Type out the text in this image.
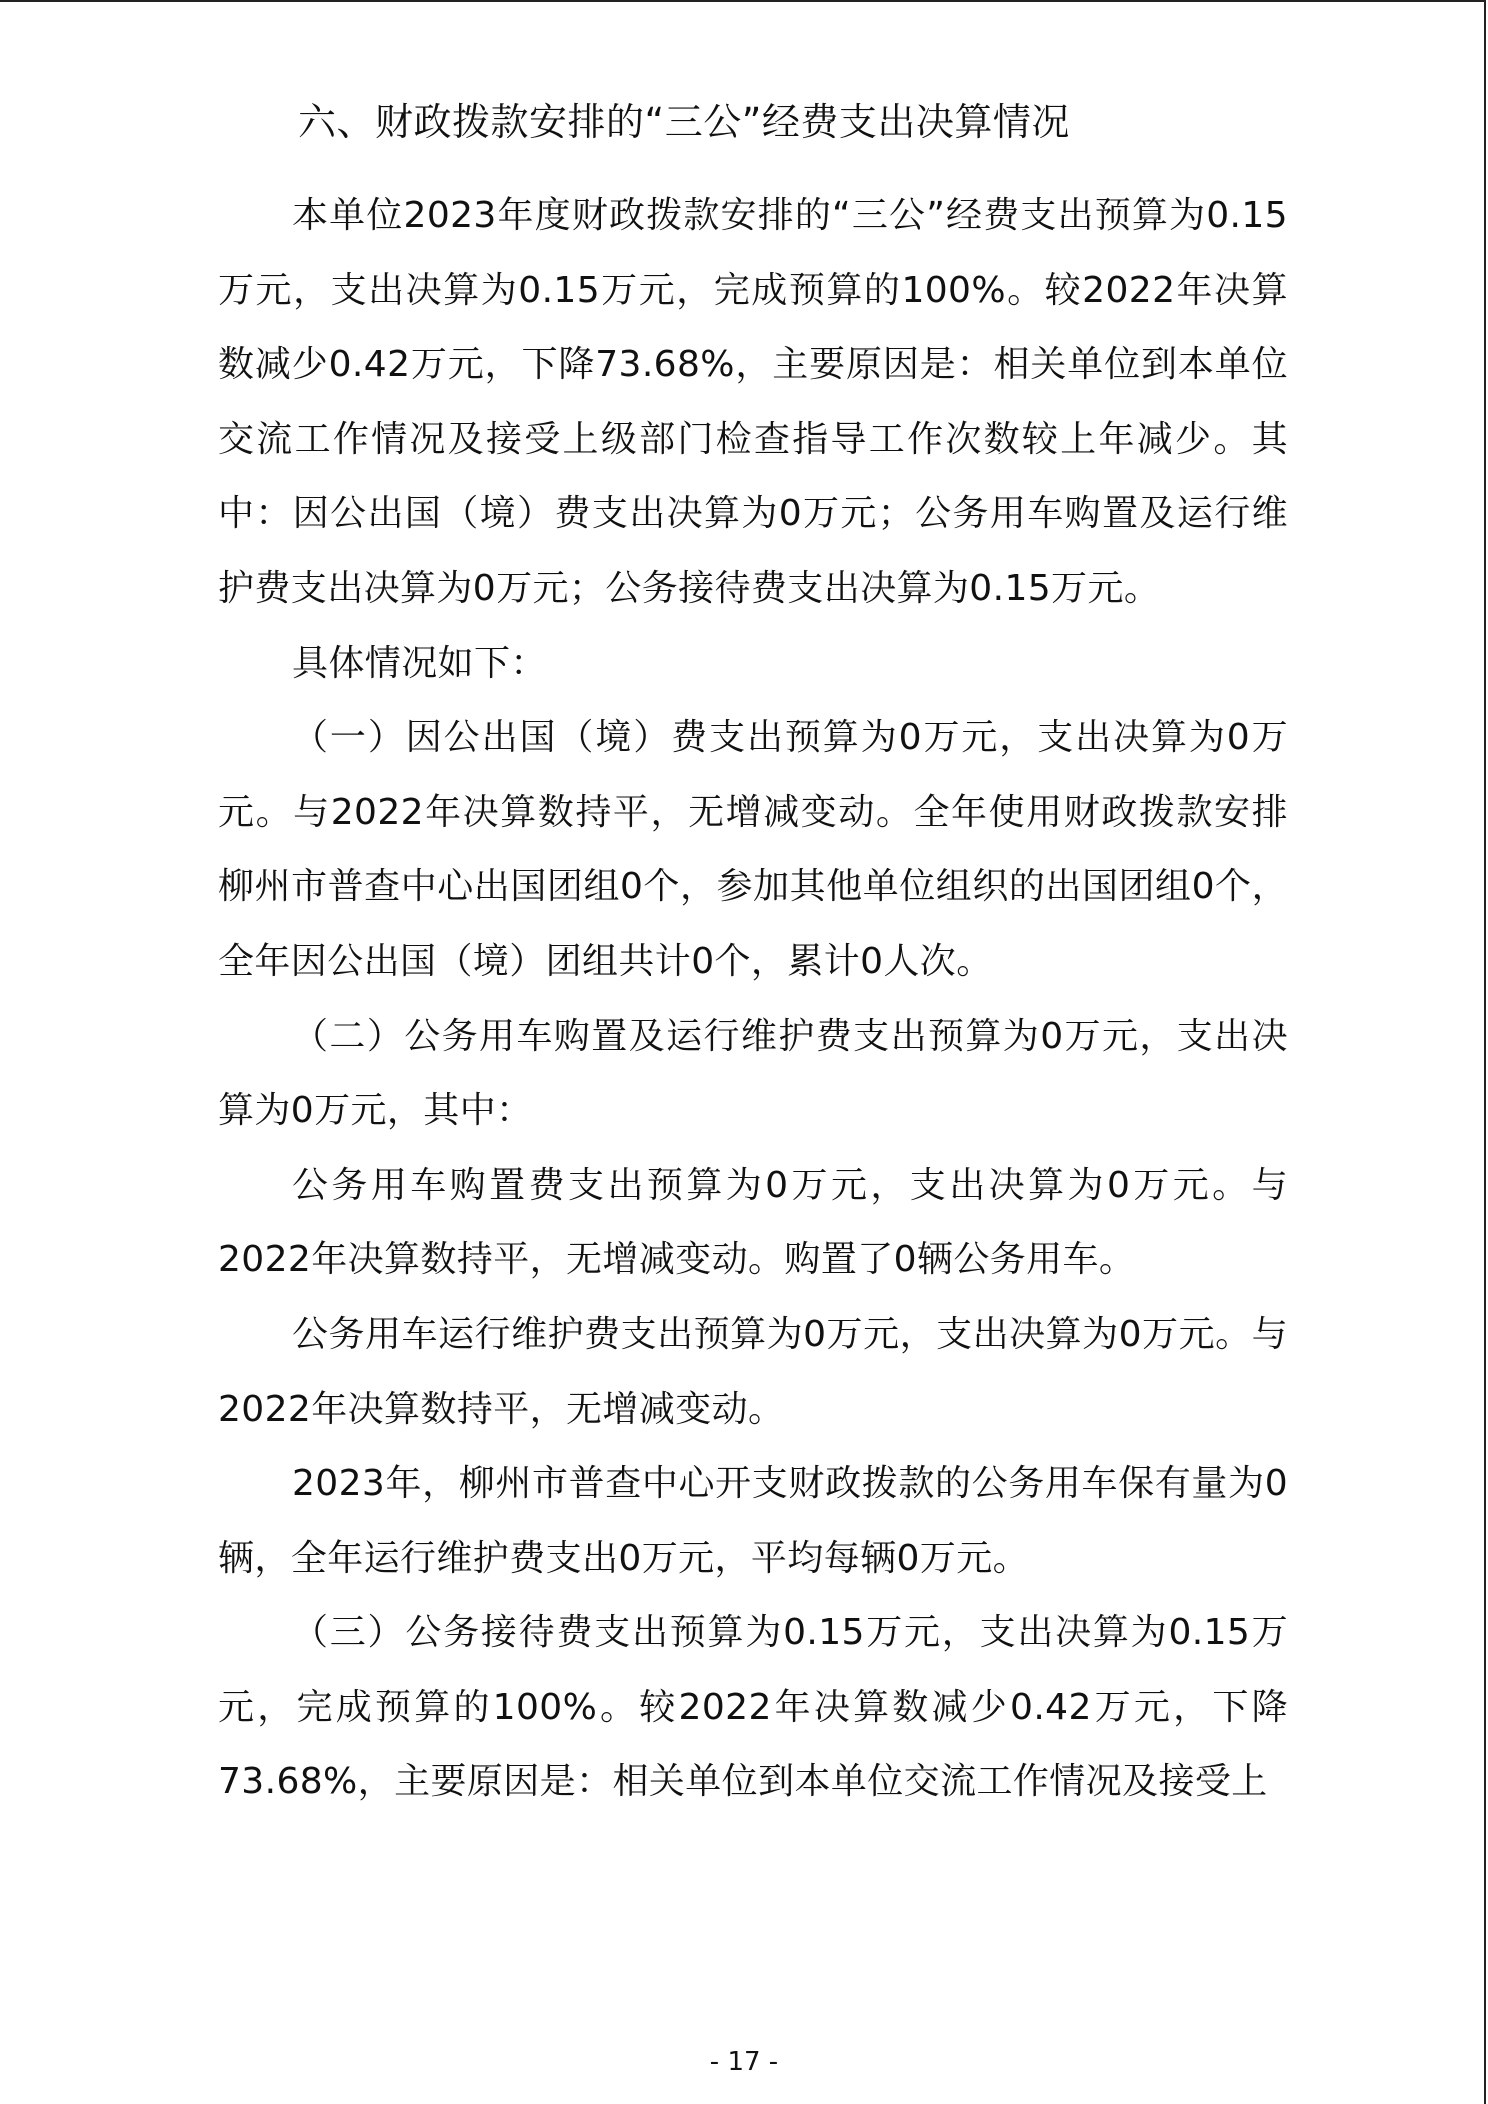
六、财政拨款安排的“三公”经费支出决算情况

本单位2023年度财政拨款安排的“三公”经费支出预算为0.15万元，支出决算为0.15万元，完成预算的100%。较2022年决算数减少0.42万元，下降73.68%，主要原因是：相关单位到本单位交流工作情况及接受上级部门检查指导工作次数较上年减少。其中：因公出国（境）费支出决算为0万元；公务用车购置及运行维护费支出决算为0万元；公务接待费支出决算为0.15万元。

具体情况如下：

（一）因公出国（境）费支出预算为0万元，支出决算为0万元。与2022年决算数持平，无增减变动。全年使用财政拨款安排柳州市普查中心出国团组0个，参加其他单位组织的出国团组0个，全年因公出国（境）团组共计0个，累计0人次。

（二）公务用车购置及运行维护费支出预算为0万元，支出决算为0万元，其中：

公务用车购置费支出预算为0万元，支出决算为0万元。与2022年决算数持平，无增减变动。购置了0辆公务用车。

公务用车运行维护费支出预算为0万元，支出决算为0万元。与2022年决算数持平，无增减变动。

2023年，柳州市普查中心开支财政拨款的公务用车保有量为0辆，全年运行维护费支出0万元，平均每辆0万元。

（三）公务接待费支出预算为0.15万元，支出决算为0.15万元，完成预算的100%。较2022年决算数减少0.42万元，下降73.68%，主要原因是：相关单位到本单位交流工作情况及接受上

- 17 -
